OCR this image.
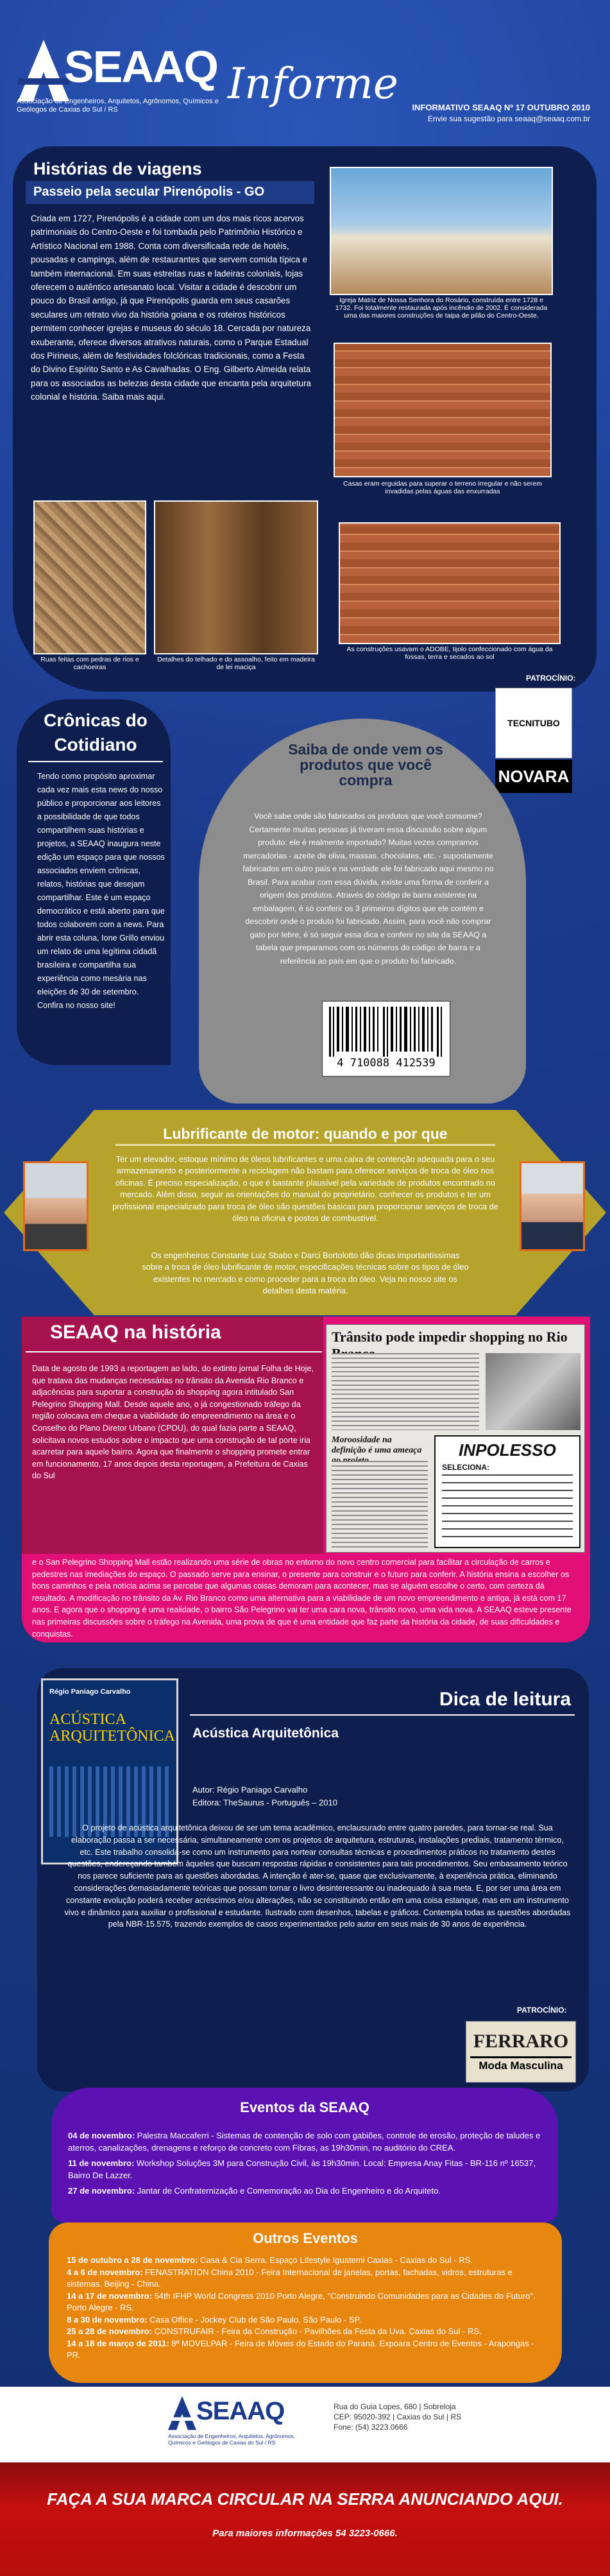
SEAAQ Informe
Associação de Engenheiros, Arquitetos, Agrônomos, Químicos e Geólogos de Caxias do Sul / RS	INFORMATIVO SEAAQ Nº 17 OUTUBRO 2010
Envie sua sugestão para seaaq@seaaq.com.br
Histórias de viagens
Passeio pela secular Pirenópolis - GO
Criada em 1727, Pirenópolis é a cidade com um dos mais ricos acervos patrimoniais do Centro-Oeste e foi tombada pelo Patrimônio Histórico e Artístico Nacional em 1988. Conta com diversificada rede de hotéis, pousadas e campings, além de restaurantes que servem comida típica e também internacional. Em suas estreitas ruas e ladeiras coloniais, lojas oferecem o autêntico artesanato local. Visitar a cidade é descobrir um pouco do Brasil antigo, já que Pirenópolis guarda em seus casarões seculares um retrato vivo da história goiana e os roteiros históricos permitem conhecer igrejas e museus do século 18. Cercada por natureza exuberante, oferece diversos atrativos naturais, como o Parque Estadual dos Pirineus, além de festividades folclóricas tradicionais, como a Festa do Divino Espírito Santo e As Cavalhadas. O Eng. Gilberto Almeida relata para os associados as belezas desta cidade que encanta pela arquitetura colonial e história. Saiba mais aqui.
Igreja Matriz de Nossa Senhora do Rosário, construída entre 1728 e 1732. Foi totalmente restaurada após incêndio de 2002. É considerada uma das maiores construções de taipa de pilão do Centro-Oeste.
Casas eram erguidas para superar o terreno irregular e não serem invadidas pelas águas das enxurradas
Ruas feitas com pedras de rios e cachoeiras
Detalhes do telhado e do assoalho, feito em madeira de lei maciça
As construções usavam o ADOBE, tijolo confeccionado com água da fossas, terra e secados ao sol
Crônicas do Cotidiano
Tendo como propósito aproximar cada vez mais esta news do nosso público e proporcionar aos leitores a possibilidade de que todos compartilhem suas histórias e projetos, a SEAAQ inaugura neste edição um espaço para que nossos associados enviem crônicas, relatos, histórias que desejam compartilhar. Este é um espaço democrático e está aberto para que todos colaborem com a news. Para abrir esta coluna, Ione Grillo enviou um relato de uma legítima cidadã brasileira e compartilha sua experiência como mesária nas eleições de 30 de setembro. Confira no nosso site!
PATROCÍNIO:
TECNITUBO
NOVARA
Saiba de onde vem os produtos que você compra
Você sabe onde são fabricados os produtos que você consome? Certamente muitas pessoas já tiveram essa discussão sobre algum produto: ele é realmente importado? Muitas vezes compramos mercadorias - azeite de oliva, massas, chocolates, etc. - supostamente fabricados em outro país e na verdade ele foi fabricado aqui mesmo no Brasil. Para acabar com essa dúvida, existe uma forma de conferir a origem dos produtos. Através do código de barra existente na embalagem, é só conferir os 3 primeiros dígitos que ele contém e descobrir onde o produto foi fabricado. Assim, para você não comprar gato por lebre, é só seguir essa dica e conferir no site da SEAAQ a tabela que preparamos com os números do código de barra e a referência ao país em que o produto foi fabricado.
4 710088 412539
Lubrificante de motor: quando e por que
Ter um elevador, estoque mínimo de óleos lubrificantes e uma caixa de contenção adequada para o seu armazenamento e posteriormente a reciclagem não bastam para oferecer serviços de troca de óleo nos oficinas. É preciso especialização, o que é bastante plausível pela variedade de produtos encontrado no mercado. Além disso, seguir as orientações do manual do proprietário, conhecer os produtos e ter um profissional especializado para troca de óleo são questões básicas para proporcionar serviços de troca de óleo na oficina e postos de combustível.
Os engenheiros Constante Luiz Sbabo e Darci Bortolotto dão dicas importantíssimas sobre a troca de óleo lubrificante de motor, especificações técnicas sobre os tipos de óleo existentes no mercado e como proceder para a troca do óleo. Veja no nosso site os detalhes desta matéria.
SEAAQ na história
Data de agosto de 1993 a reportagem ao lado, do extinto jornal Folha de Hoje, que tratava das mudanças necessárias no trânsito da Avenida Rio Branco e adjacências para suportar a construção do shopping agora intitulado San Pelegrino Shopping Mall. Desde aquele ano, o já congestionado tráfego da região colocava em cheque a viabilidade do empreendimento na área e o Conselho do Plano Diretor Urbano (CPDU), do qual fazia parte a SEAAQ, solicitava novos estudos sobre o impacto que uma construção de tal porte iria acarretar para aquele bairro. Agora que finalmente o shopping promete entrar em funcionamento, 17 anos depois desta reportagem, a Prefeitura de Caxias do Sul
e o San Pelegrino Shopping Mall estão realizando uma série de obras no entorno do novo centro comercial para facilitar a circulação de carros e pedestres nas imediações do espaço. O passado serve para ensinar, o presente para construir e o futuro para conferir. A história ensina a escolher os bons caminhos e pela notícia acima se percebe que algumas coisas demoram para acontecer, mas se alguém escolhe o certo, com certeza dá resultado. A modificação no trânsito da Av. Rio Branco como uma alternativa para a viabilidade de um novo empreendimento e antiga, já está com 17 anos. E agora que o shopping é uma realidade, o bairro São Pelegrino vai ter uma cara nova, trânsito novo, uma vida nova. A SEAAQ esteve presente nas primeiras discussões sobre o tráfego na Avenida, uma prova de que é uma entidade que faz parte da história da cidade, de suas dificuldades e conquistas.
Trânsito pode impedir shopping no Rio
Moroosidade na definição é uma ameaça	INPOLESSO
SELECIONA:
Régio Paniago Carvalho
ACÚSTICA ARQUITETÔNICA
Dica de leitura
Acústica Arquitetônica
Autor: Régio Paniago Carvalho
Editora: TheSaurus - Português – 2010
O projeto de acústica arquitetônica deixou de ser um tema acadêmico, enclausurado entre quatro paredes, para tornar-se real. Sua elaboração passa a ser necessária, simultaneamente com os projetos de arquitetura, estruturas, instalações prediais, tratamento térmico, etc. Este trabalho consolida-se como um instrumento para nortear consultas técnicas e procedimentos práticos no tratamento destes questões, endereçando também àqueles que buscam respostas rápidas e consistentes para tais procedimentos. Seu embasamento teórico nos parece suficiente para as questões abordadas. A intenção é ater-se, quase que exclusivamente, à experiência prática, eliminando considerações demasiadamente teóricas que possam tornar o livro desinteressante ou inadequado à sua meta. E, por ser uma área em constante evolução poderá receber acréscimos e/ou alterações, não se constituindo então em uma coisa estanque, mas em um instrumento vivo e dinâmico para auxiliar o profissional e estudante. Ilustrado com desenhos, tabelas e gráficos. Contempla todas as questões abordadas pela NBR-15.575, trazendo exemplos de casos experimentados pelo autor em seus mais de 30 anos de experiência.
PATROCÍNIO:
FERRARO
Moda Masculina
Eventos da SEAAQ
04 de novembro: Palestra Maccaferri - Sistemas de contenção de solo com gabiões, controle de erosão, proteção de taludes e aterros, canalizações, drenagens e reforço de concreto com Fibras, as 19h30min, no auditório do CREA.
11 de novembro: Workshop Soluções 3M para Construção Civil, às 19h30min. Local: Empresa Anay Fitas - BR-116 nº 16537, Bairro De Lazzer.
27 de novembro: Jantar de Confraternização e Comemoração ao Dia do Engenheiro e do Arquiteto.
Outros Eventos
15 de outubro a 28 de novembro: Casa & Cia Serra. Espaço Lifestyle Iguatemi Caxias - Caxias do Sul - RS.
4 a 6 de novembro: FENASTRATION China 2010 - Feira Internacional de janelas, portas, fachadas, vidros, estruturas e sistemas. Beijing - China.
14 a 17 de novembro: 54th IFHP World Congress 2010 Porto Alegre, "Construindo Comunidades para as Cidades do Futuro". Porto Alegre - RS.
8 a 30 de novembro: Casa Office - Jockey Club de São Paulo. São Paulo - SP.
25 a 28 de novembro: CONSTRUFAIR - Feira da Construção - Pavilhões da Festa da Uva. Caxias do Sul - RS.
14 a 18 de março de 2011: 8ª MOVELPAR - Feira de Móveis do Estado do Paraná. Expoara Centro de Eventos - Arapongas - PR.
SEAAQ
Associação de Engenheiros, Arquitetos, Agrônomos, Químicos e Geólogos de Caxias do Sul / RS
Rua do Guia Lopes, 680 | Sobreloja
CEP: 95020-392 | Caxias do Sul | RS
Fone: (54) 3223.0666
FAÇA A SUA MARCA CIRCULAR NA SERRA ANUNCIANDO AQUI.
Para maiores informações 54 3223-0666.
